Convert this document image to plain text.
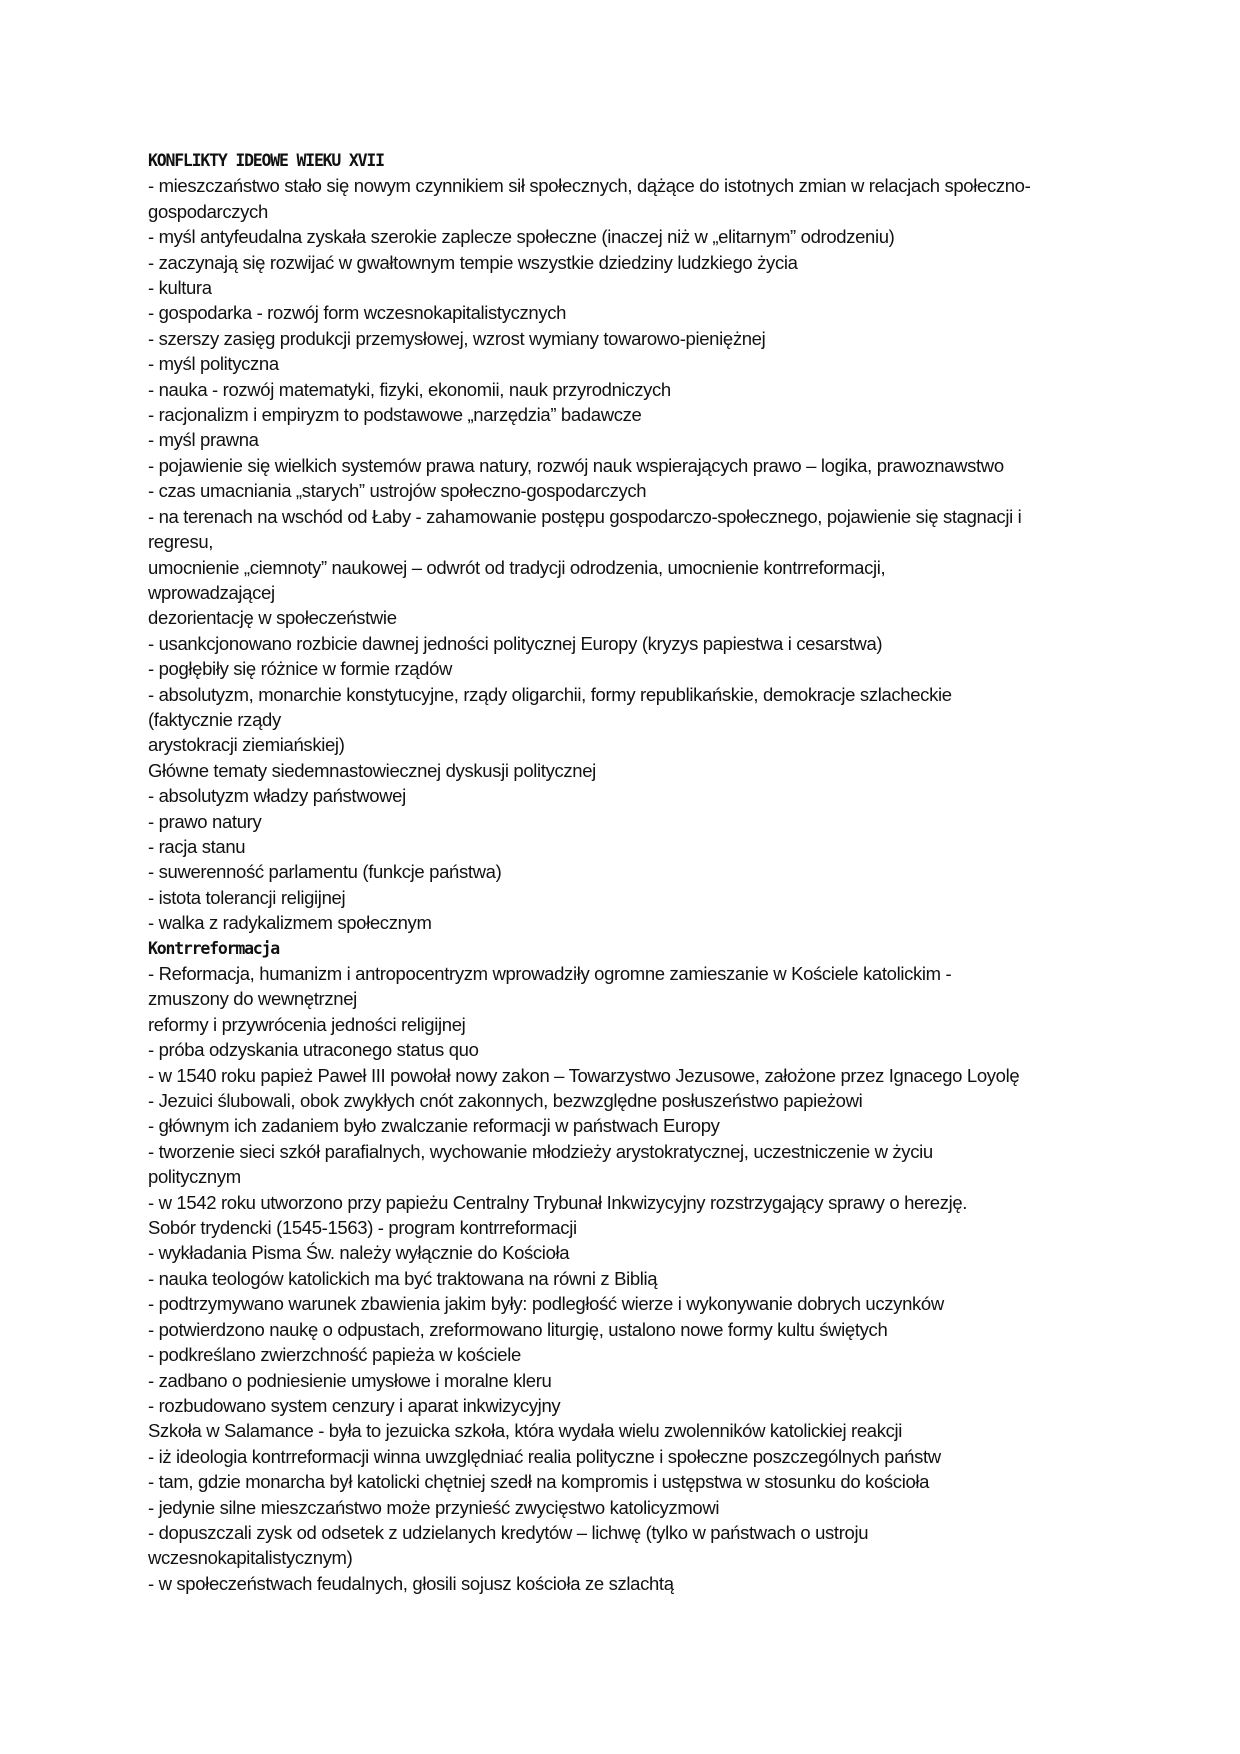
KONFLIKTY IDEOWE WIEKU XVII
- mieszczaństwo stało się nowym czynnikiem sił społecznych, dążące do istotnych zmian w relacjach społeczno-
gospodarczych
- myśl antyfeudalna zyskała szerokie zaplecze społeczne (inaczej niż w „elitarnym” odrodzeniu)
- zaczynają się rozwijać w gwałtownym tempie wszystkie dziedziny ludzkiego życia
- kultura
- gospodarka - rozwój form wczesnokapitalistycznych
- szerszy zasięg produkcji przemysłowej, wzrost wymiany towarowo-pieniężnej
- myśl polityczna
- nauka - rozwój matematyki, fizyki, ekonomii, nauk przyrodniczych
- racjonalizm i empiryzm to podstawowe „narzędzia” badawcze
- myśl prawna
- pojawienie się wielkich systemów prawa natury, rozwój nauk wspierających prawo – logika, prawoznawstwo
- czas umacniania „starych” ustrojów społeczno-gospodarczych
- na terenach na wschód od Łaby - zahamowanie postępu gospodarczo-społecznego, pojawienie się stagnacji i
regresu,
umocnienie „ciemnoty” naukowej – odwrót od tradycji odrodzenia, umocnienie kontrreformacji,
wprowadzającej
dezorientację w społeczeństwie
- usankcjonowano rozbicie dawnej jedności politycznej Europy (kryzys papiestwa i cesarstwa)
- pogłębiły się różnice w formie rządów
- absolutyzm, monarchie konstytucyjne, rządy oligarchii, formy republikańskie, demokracje szlacheckie
(faktycznie rządy
arystokracji ziemiańskiej)
Główne tematy siedemnastowiecznej dyskusji politycznej
- absolutyzm władzy państwowej
- prawo natury
- racja stanu
- suwerenność parlamentu (funkcje państwa)
- istota tolerancji religijnej
- walka z radykalizmem społecznym
Kontrreformacja
- Reformacja, humanizm i antropocentryzm wprowadziły ogromne zamieszanie w Kościele katolickim -
zmuszony do wewnętrznej
reformy i przywrócenia jedności religijnej
- próba odzyskania utraconego status quo
- w 1540 roku papież Paweł III powołał nowy zakon – Towarzystwo Jezusowe, założone przez Ignacego Loyolę
- Jezuici ślubowali, obok zwykłych cnót zakonnych, bezwzględne posłuszeństwo papieżowi
- głównym ich zadaniem było zwalczanie reformacji w państwach Europy
- tworzenie sieci szkół parafialnych, wychowanie młodzieży arystokratycznej, uczestniczenie w życiu
politycznym
- w 1542 roku utworzono przy papieżu Centralny Trybunał Inkwizycyjny rozstrzygający sprawy o herezję.
Sobór trydencki (1545-1563) - program kontrreformacji
- wykładania Pisma Św. należy wyłącznie do Kościoła
- nauka teologów katolickich ma być traktowana na równi z Biblią
- podtrzymywano warunek zbawienia jakim były: podległość wierze i wykonywanie dobrych uczynków
- potwierdzono naukę o odpustach, zreformowano liturgię, ustalono nowe formy kultu świętych
- podkreślano zwierzchność papieża w kościele
- zadbano o podniesienie umysłowe i moralne kleru
- rozbudowano system cenzury i aparat inkwizycyjny
Szkoła w Salamance - była to jezuicka szkoła, która wydała wielu zwolenników katolickiej reakcji
- iż ideologia kontrreformacji winna uwzględniać realia polityczne i społeczne poszczególnych państw
- tam, gdzie monarcha był katolicki chętniej szedł na kompromis i ustępstwa w stosunku do kościoła
- jedynie silne mieszczaństwo może przynieść zwycięstwo katolicyzmowi
- dopuszczali zysk od odsetek z udzielanych kredytów – lichwę (tylko w państwach o ustroju
wczesnokapitalistycznym)
- w społeczeństwach feudalnych, głosili sojusz kościoła ze szlachtą
